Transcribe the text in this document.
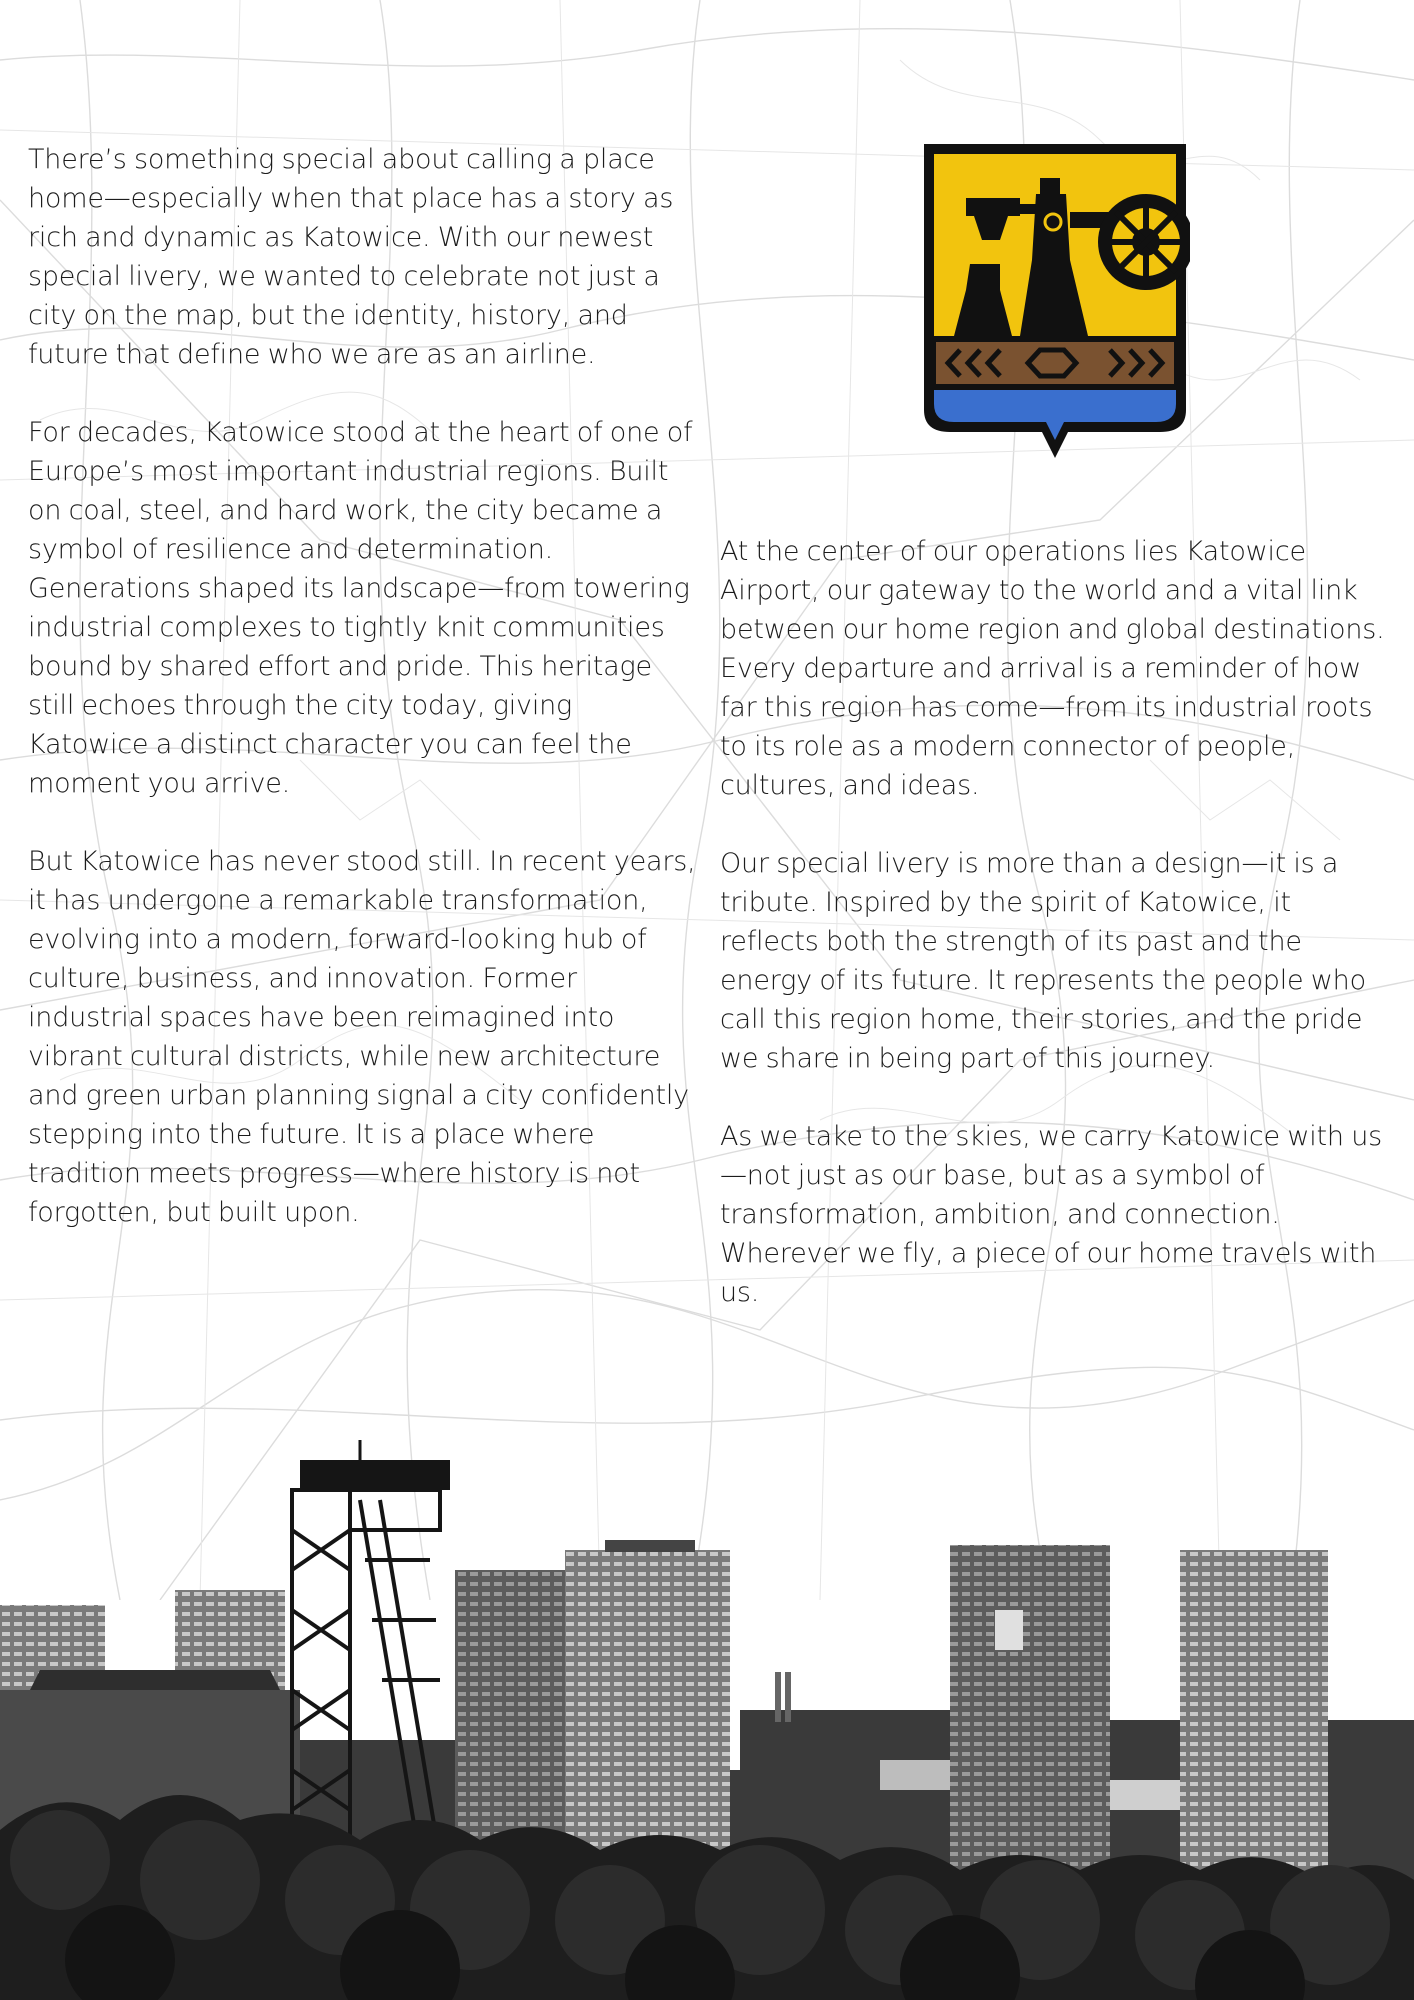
There’s something special about calling a place home—especially when that place has a story as rich and dynamic as Katowice. With our newest special livery, we wanted to celebrate not just a city on the map, but the identity, history, and future that define who we are as an airline.

For decades, Katowice stood at the heart of one of Europe’s most important industrial regions. Built on coal, steel, and hard work, the city became a symbol of resilience and determination. Generations shaped its landscape—from towering industrial complexes to tightly knit communities bound by shared effort and pride. This heritage still echoes through the city today, giving Katowice a distinct character you can feel the moment you arrive.

But Katowice has never stood still. In recent years, it has undergone a remarkable transformation, evolving into a modern, forward-looking hub of culture, business, and innovation. Former industrial spaces have been reimagined into vibrant cultural districts, while new architecture and green urban planning signal a city confidently stepping into the future. It is a place where tradition meets progress—where history is not forgotten, but built upon.

At the center of our operations lies Katowice Airport, our gateway to the world and a vital link between our home region and global destinations. Every departure and arrival is a reminder of how far this region has come—from its industrial roots to its role as a modern connector of people, cultures, and ideas.

Our special livery is more than a design—it is a tribute. Inspired by the spirit of Katowice, it reflects both the strength of its past and the energy of its future. It represents the people who call this region home, their stories, and the pride we share in being part of this journey.

As we take to the skies, we carry Katowice with us—not just as our base, but as a symbol of transformation, ambition, and connection. Wherever we fly, a piece of our home travels with us.
